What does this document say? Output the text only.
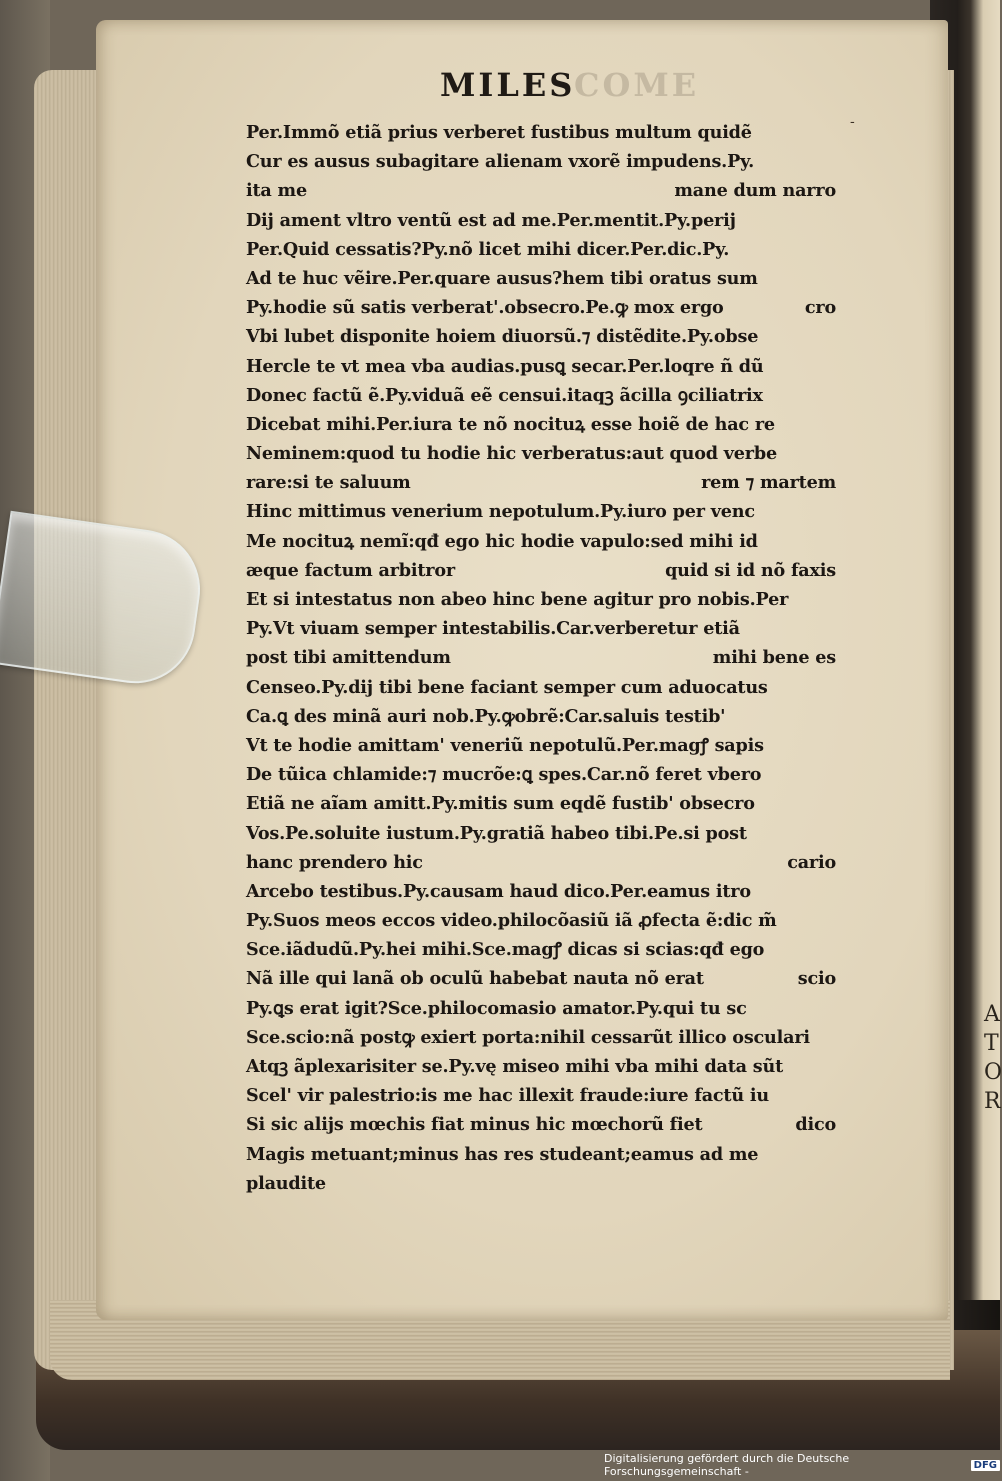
COME
MILES
-
Per.Immõ etiã prius verberet fustibus multum quidẽ
Cur es ausus subagitare alienam vxorẽ impudens.Py.
ita me	mane dum narro
Dij ament vltro ventũ est ad me.Per.mentit.Py.perij
Per.Quid cessatis?Py.nõ licet mihi dicer.Per.dic.Py.
Ad te huc vẽire.Per.quare ausus?hem tibi oratus sum
Py.hodie sũ satis verberat'.obsecro.Pe.ꝙ mox ergo	cro
Vbi lubet disponite hoiem diuorsũ.⁊ distẽdite.Py.obse
Hercle te vt mea vba audias.pusꝗ secar.Per.loqre ñ dũ
Donec factũ ẽ.Py.viduã eẽ censui.itaqꝫ ãcilla ꝯciliatrix
Dicebat mihi.Per.iura te nõ nocituꝝ esse hoiẽ de hac re
Neminem:quod tu hodie hic verberatus:aut quod verbe
rare:si te saluum	rem ⁊ martem
Hinc mittimus venerium nepotulum.Py.iuro per venc
Me nocituꝝ nemĩ:qđ ego hic hodie vapulo:sed mihi id
æque factum arbitror	quid si id nõ faxis
Et si intestatus non abeo hinc bene agitur pro nobis.Per
Py.Vt viuam semper intestabilis.Car.verberetur etiã
post tibi amittendum	mihi bene es
Censeo.Py.dij tibi bene faciant semper cum aduocatus
Ca.ꝗ des minã auri nob.Py.ꝙobrẽ:Car.saluis testib'
Vt te hodie amittam' veneriũ nepotulũ.Per.magꝭ sapis
De tũica chlamide:⁊ mucrõe:ꝗ spes.Car.nõ feret vbero
Etiã ne aĩam amitt.Py.mitis sum eqdẽ fustib' obsecro
Vos.Pe.soluite iustum.Py.gratiã habeo tibi.Pe.si post
hanc prendero hic	cario
Arcebo testibus.Py.causam haud dico.Per.eamus itro
Py.Suos meos eccos video.philocõasiũ iã ꝓfecta ẽ:dic m̃
Sce.iãdudũ.Py.hei mihi.Sce.magꝭ dicas si scias:qđ ego
Nã ille qui lanã ob oculũ habebat nauta nõ erat	scio
Py.ꝗs erat igit?Sce.philocomasio amator.Py.qui tu sc
Sce.scio:nã postꝙ exiert porta:nihil cessarũt illico osculari
Atqꝫ ãplexarisiter se.Py.vę miseo mihi vba mihi data sũt
Scel' vir palestrio:is me hac illexit fraude:iure factũ iu
Si sic alijs mœchis fiat minus hic mœchorũ fiet	dico
Magis metuant;minus has res studeant;eamus ad me
plaudite
A
T
O
R
Digitalisierung gefördert durch die Deutsche Forschungsgemeinschaft -	DFG
